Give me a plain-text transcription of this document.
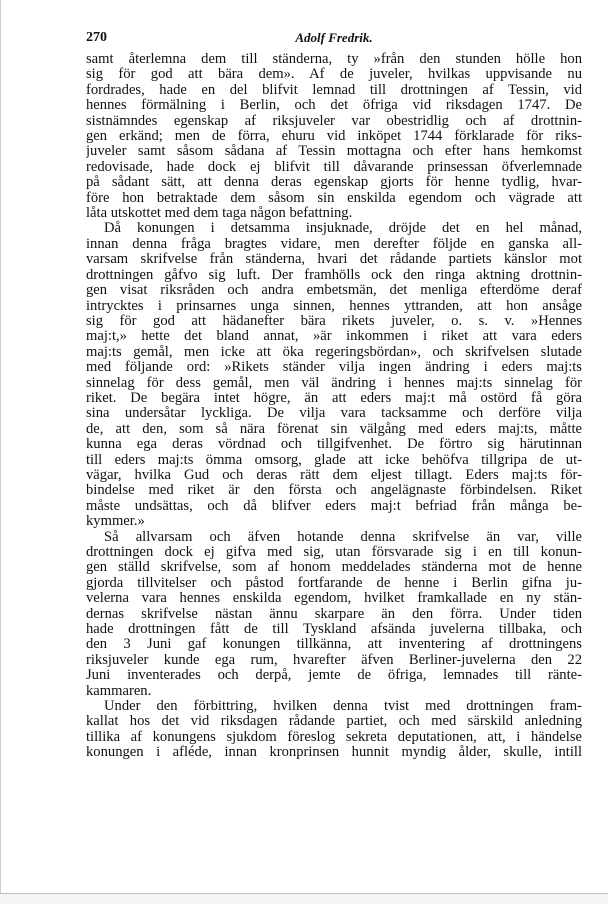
270	Adolf Fredrik.

samt återlemna dem till ständerna, ty »från den stunden hölle hon
sig för god att bära dem». Af de juveler, hvilkas uppvisande nu
fordrades, hade en del blifvit lemnad till drottningen af Tessin, vid
hennes förmälning i Berlin, och det öfriga vid riksdagen 1747. De
sistnämndes egenskap af riksjuveler var obestridlig och af drottnin-
gen erkänd; men de förra, ehuru vid inköpet 1744 förklarade för riks-
juveler samt såsom sådana af Tessin mottagna och efter hans hemkomst
redovisade, hade dock ej blifvit till dåvarande prinsessan öfverlemnade
på sådant sätt, att denna deras egenskap gjorts för henne tydlig, hvar-
före hon betraktade dem såsom sin enskilda egendom och vägrade att
låta utskottet med dem taga någon befattning.

Då konungen i detsamma insjuknade, dröjde det en hel månad,
innan denna fråga bragtes vidare, men derefter följde en ganska all-
varsam skrifvelse från ständerna, hvari det rådande partiets känslor mot
drottningen gåfvo sig luft. Der framhölls ock den ringa aktning drottnin-
gen visat riksråden och andra embetsmän, det menliga efterdöme deraf
intrycktes i prinsarnes unga sinnen, hennes yttranden, att hon ansåge
sig för god att hädanefter bära rikets juveler, o. s. v. »Hennes
maj:t,» hette det bland annat, »är inkommen i riket att vara eders
maj:ts gemål, men icke att öka regeringsbördan», och skrifvelsen slutade
med följande ord: »Rikets ständer vilja ingen ändring i eders maj:ts
sinnelag för dess gemål, men väl ändring i hennes maj:ts sinnelag för
riket. De begära intet högre, än att eders maj:t må ostörd få göra
sina undersåtar lyckliga. De vilja vara tacksamme och derföre vilja
de, att den, som så nära förenat sin välgång med eders maj:ts, måtte
kunna ega deras vördnad och tillgifvenhet. De förtro sig härutinnan
till eders maj:ts ömma omsorg, glade att icke behöfva tillgripa de ut-
vägar, hvilka Gud och deras rätt dem eljest tillagt. Eders maj:ts för-
bindelse med riket är den första och angelägnaste förbindelsen. Riket
måste undsättas, och då blifver eders maj:t befriad från många be-
kymmer.»

Så allvarsam och äfven hotande denna skrifvelse än var, ville
drottningen dock ej gifva med sig, utan försvarade sig i en till konun-
gen ställd skrifvelse, som af honom meddelades ständerna mot de henne
gjorda tillvitelser och påstod fortfarande de henne i Berlin gifna ju-
velerna vara hennes enskilda egendom, hvilket framkallade en ny stän-
dernas skrifvelse nästan ännu skarpare än den förra. Under tiden
hade drottningen fått de till Tyskland afsända juvelerna tillbaka, och
den 3 Juni gaf konungen tillkänna, att inventering af drottningens
riksjuveler kunde ega rum, hvarefter äfven Berliner-juvelerna den 22
Juni inventerades och derpå, jemte de öfriga, lemnades till ränte-
kammaren.

Under den förbittring, hvilken denna tvist med drottningen fram-
kallat hos det vid riksdagen rådande partiet, och med särskild anledning
tillika af konungens sjukdom föreslog sekreta deputationen, att, i händelse
konungen i afléde, innan kronprinsen hunnit myndig ålder, skulle, intill
